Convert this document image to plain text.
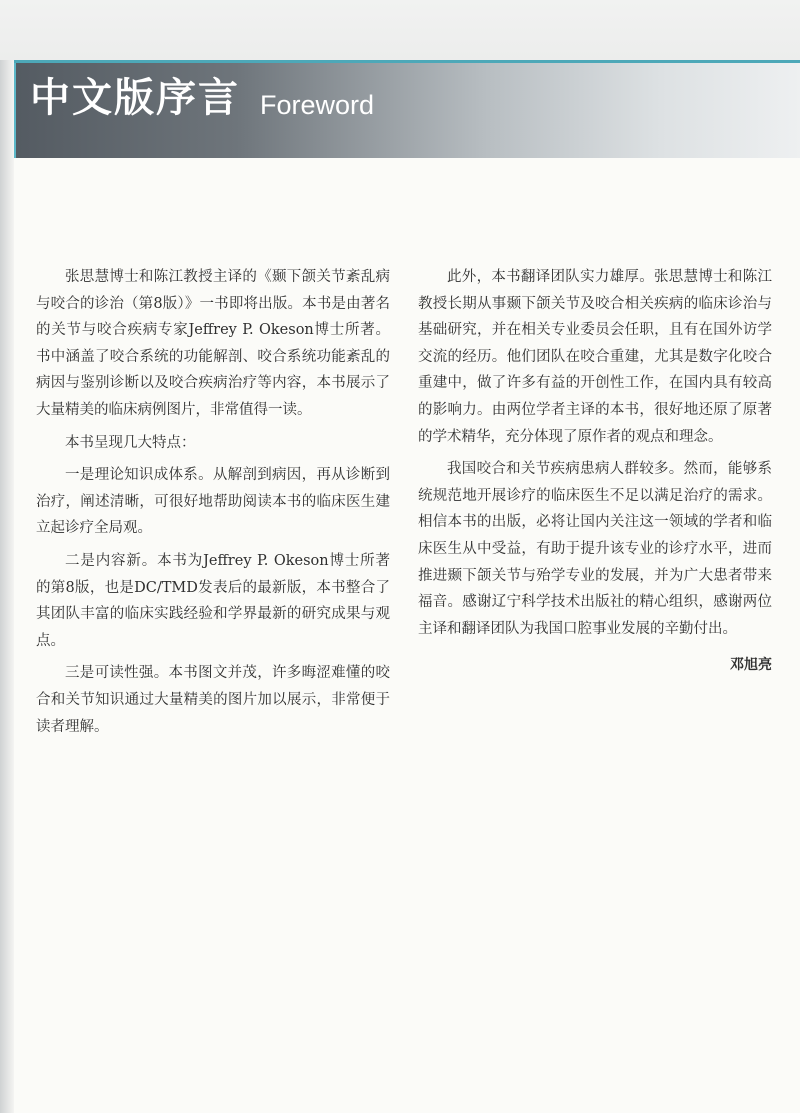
中文版序言 Foreword

张思慧博士和陈江教授主译的《颞下颌关节紊乱病与咬合的诊治（第8版）》一书即将出版。本书是由著名的关节与咬合疾病专家Jeffrey P. Okeson博士所著。书中涵盖了咬合系统的功能解剖、咬合系统功能紊乱的病因与鉴别诊断以及咬合疾病治疗等内容，本书展示了大量精美的临床病例图片，非常值得一读。

本书呈现几大特点：

一是理论知识成体系。从解剖到病因，再从诊断到治疗，阐述清晰，可很好地帮助阅读本书的临床医生建立起诊疗全局观。

二是内容新。本书为Jeffrey P. Okeson博士所著的第8版，也是DC/TMD发表后的最新版，本书整合了其团队丰富的临床实践经验和学界最新的研究成果与观点。

三是可读性强。本书图文并茂，许多晦涩难懂的咬合和关节知识通过大量精美的图片加以展示，非常便于读者理解。

此外，本书翻译团队实力雄厚。张思慧博士和陈江教授长期从事颞下颌关节及咬合相关疾病的临床诊治与基础研究，并在相关专业委员会任职，且有在国外访学交流的经历。他们团队在咬合重建，尤其是数字化咬合重建中，做了许多有益的开创性工作，在国内具有较高的影响力。由两位学者主译的本书，很好地还原了原著的学术精华，充分体现了原作者的观点和理念。

我国咬合和关节疾病患病人群较多。然而，能够系统规范地开展诊疗的临床医生不足以满足治疗的需求。相信本书的出版，必将让国内关注这一领域的学者和临床医生从中受益，有助于提升该专业的诊疗水平，进而推进颞下颌关节与殆学专业的发展，并为广大患者带来福音。感谢辽宁科学技术出版社的精心组织，感谢两位主译和翻译团队为我国口腔事业发展的辛勤付出。

邓旭亮
